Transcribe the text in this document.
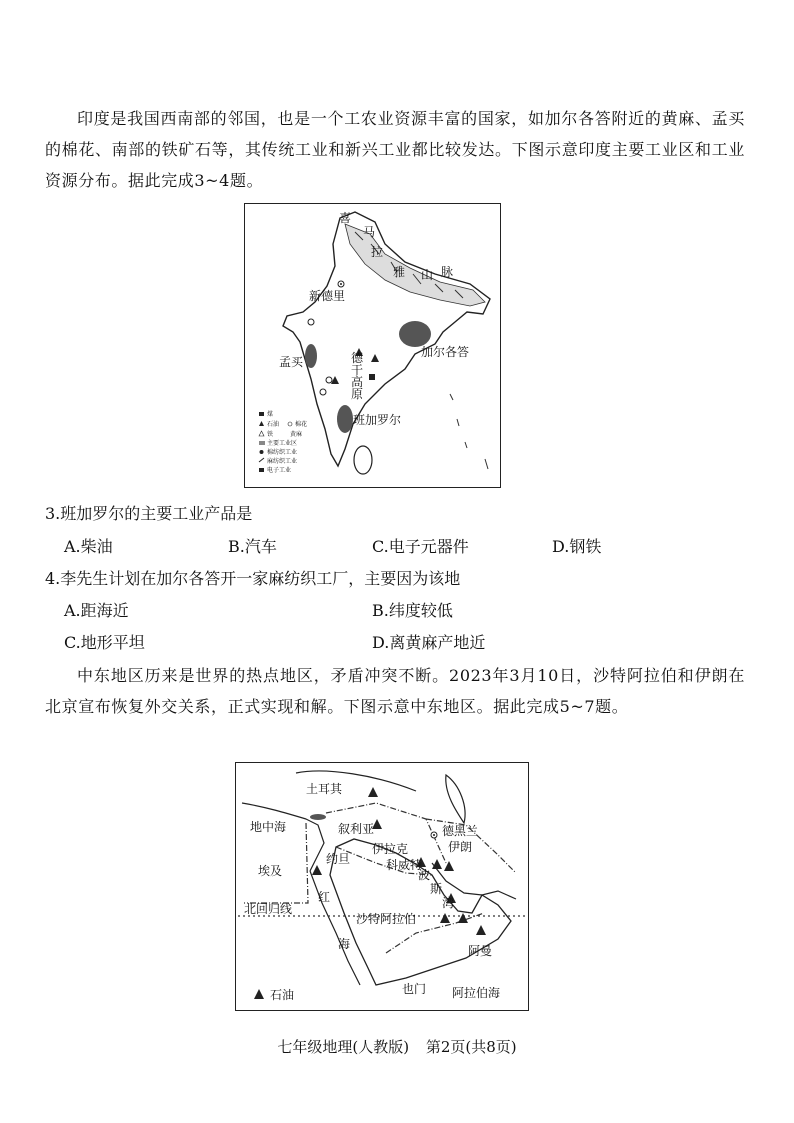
印度是我国西南部的邻国，也是一个工农业资源丰富的国家，如加尔各答附近的黄麻、孟买的棉花、南部的铁矿石等，其传统工业和新兴工业都比较发达。下图示意印度主要工业区和工业资源分布。据此完成3~4题。

喜
马
拉
雅 山 脉
新德里
加尔各答
孟买	德
干
高
原
班加罗尔
煤
石油
铁
棉花
黄麻
主要工业区
棉纺织工业
麻纺织工业
电子工业

3.班加罗尔的主要工业产品是

A.柴油	B.汽车	C.电子元器件	D.钢铁

4.李先生计划在加尔各答开一家麻纺织工厂，主要因为该地

A.距海近	B.纬度较低
C.地形平坦	D.离黄麻产地近

中东地区历来是世界的热点地区，矛盾冲突不断。2023年3月10日，沙特阿拉伯和伊朗在北京宣布恢复外交关系，正式实现和解。下图示意中东地区。据此完成5~7题。

土耳其
地中海	叙利亚	德黑兰
伊朗
伊拉克
约旦
埃及	科威特
波
斯
湾
北回归线
红
海
沙特阿拉伯
阿曼
也门 阿拉伯海
石油
七年级地理(人教版) 第2页(共8页)
